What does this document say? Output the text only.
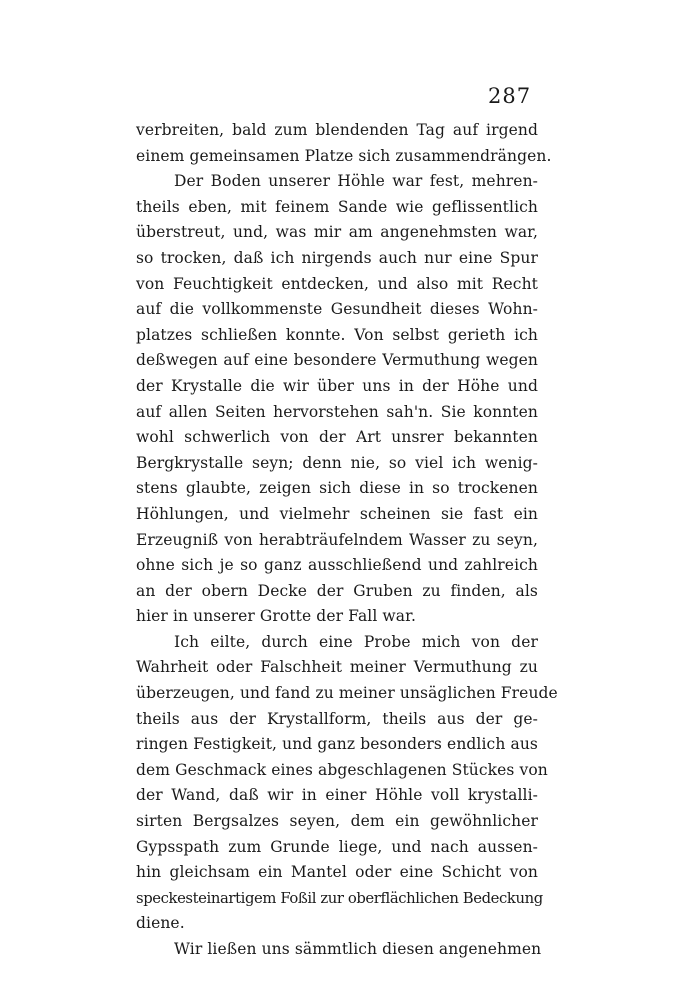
287
verbreiten, bald zum blendenden Tag auf irgend
einem gemeinsamen Platze sich zusammendrängen.
Der Boden unserer Höhle war fest, mehren-
theils eben, mit feinem Sande wie geflissentlich
überstreut, und, was mir am angenehmsten war,
so trocken, daß ich nirgends auch nur eine Spur
von Feuchtigkeit entdecken, und also mit Recht
auf die vollkommenste Gesundheit dieses Wohn-
platzes schließen konnte. Von selbst gerieth ich
deßwegen auf eine besondere Vermuthung wegen
der Krystalle die wir über uns in der Höhe und
auf allen Seiten hervorstehen sah'n. Sie konnten
wohl schwerlich von der Art unsrer bekannten
Bergkrystalle seyn; denn nie, so viel ich wenig-
stens glaubte, zeigen sich diese in so trockenen
Höhlungen, und vielmehr scheinen sie fast ein
Erzeugniß von herabträufelndem Wasser zu seyn,
ohne sich je so ganz ausschließend und zahlreich
an der obern Decke der Gruben zu finden, als
hier in unserer Grotte der Fall war.
Ich eilte, durch eine Probe mich von der
Wahrheit oder Falschheit meiner Vermuthung zu
überzeugen, und fand zu meiner unsäglichen Freude
theils aus der Krystallform, theils aus der ge-
ringen Festigkeit, und ganz besonders endlich aus
dem Geschmack eines abgeschlagenen Stückes von
der Wand, daß wir in einer Höhle voll krystalli-
sirten Bergsalzes seyen, dem ein gewöhnlicher
Gypsspath zum Grunde liege, und nach aussen-
hin gleichsam ein Mantel oder eine Schicht von
speckesteinartigem Foßil zur oberflächlichen Bedeckung
diene.
Wir ließen uns sämmtlich diesen angenehmen
